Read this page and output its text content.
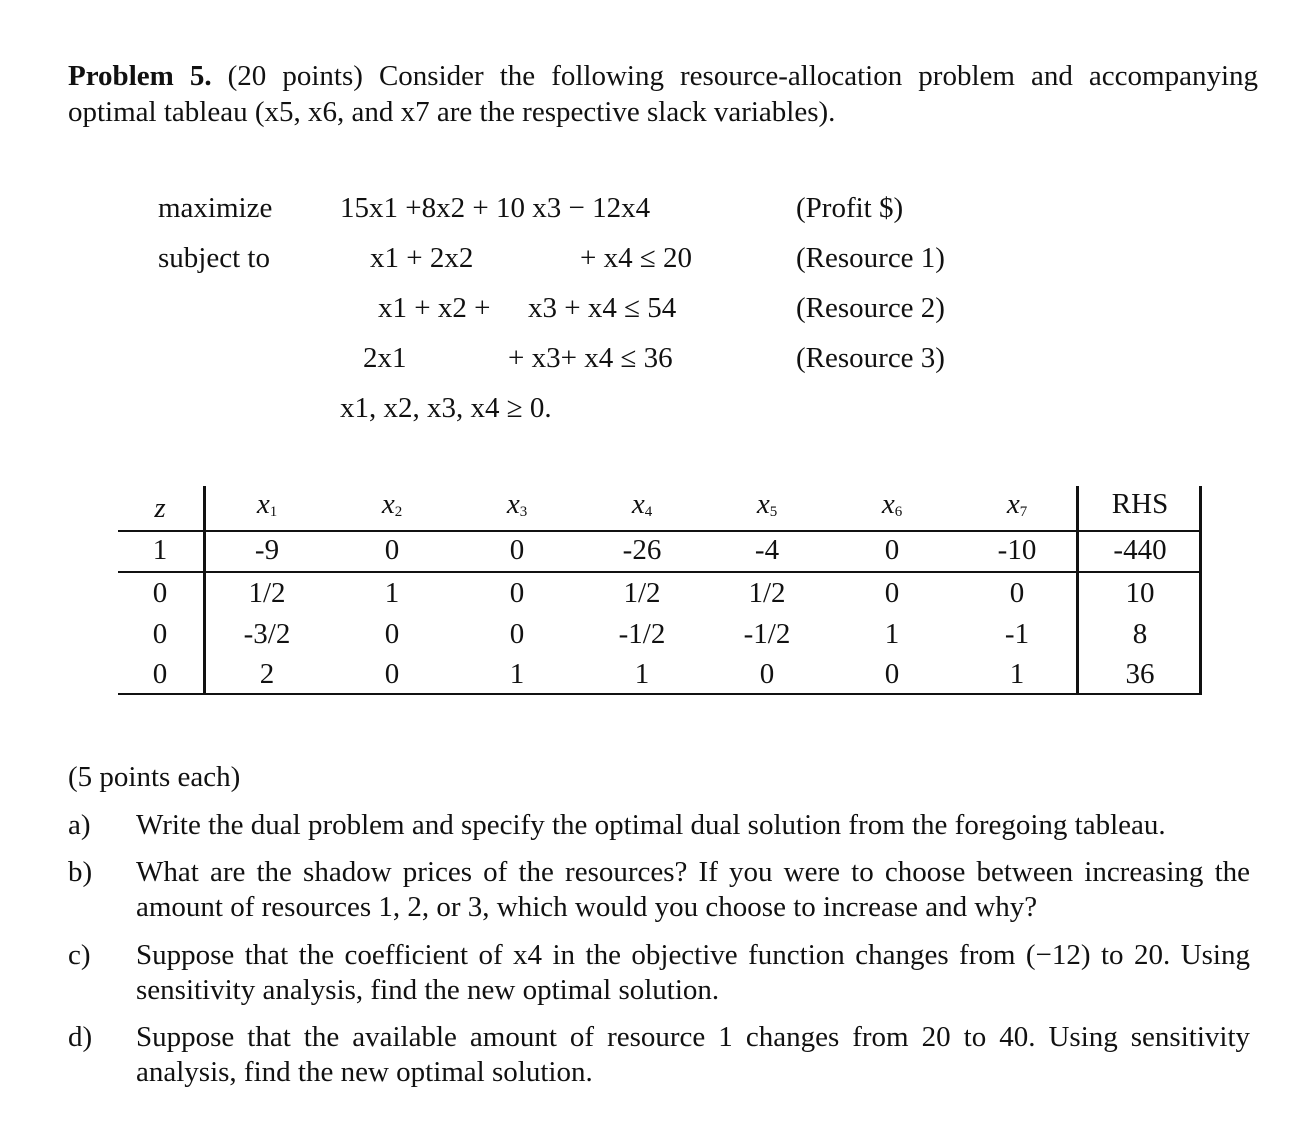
Problem 5. (20 points) Consider the following resource-allocation problem and accompanying optimal tableau (x5, x6, and x7 are the respective slack variables).
maximize 15x1 +8x2 + 10 x3 − 12x4	(Profit $)
subject to	x1 + 2x2	+ x4 ≤ 20	(Resource 1)
x1 + x2 + x3 + x4 ≤ 54	(Resource 2)
2x1	+ x3+ x4 ≤ 36	(Resource 3)
x1, x2, x3, x4 ≥ 0.
z	$x_1$	$x_2$	$x_3$	$x_4$	$x_5$	$x_6$	$x_7$	RHS
1	-9	0	0	-26	-4	0	-10	-440
0	1/2	1	0	1/2	1/2	0	0	10
0	-3/2	0	0	-1/2	-1/2	1	-1	8
0	2	0	1	1	0	0	1	36
(5 points each)
a) Write the dual problem and specify the optimal dual solution from the foregoing tableau.
b) What are the shadow prices of the resources? If you were to choose between increasing the amount of resources 1, 2, or 3, which would you choose to increase and why?
c) Suppose that the coefficient of x4 in the objective function changes from (−12) to 20. Using sensitivity analysis, find the new optimal solution.
d) Suppose that the available amount of resource 1 changes from 20 to 40. Using sensitivity analysis, find the new optimal solution.
